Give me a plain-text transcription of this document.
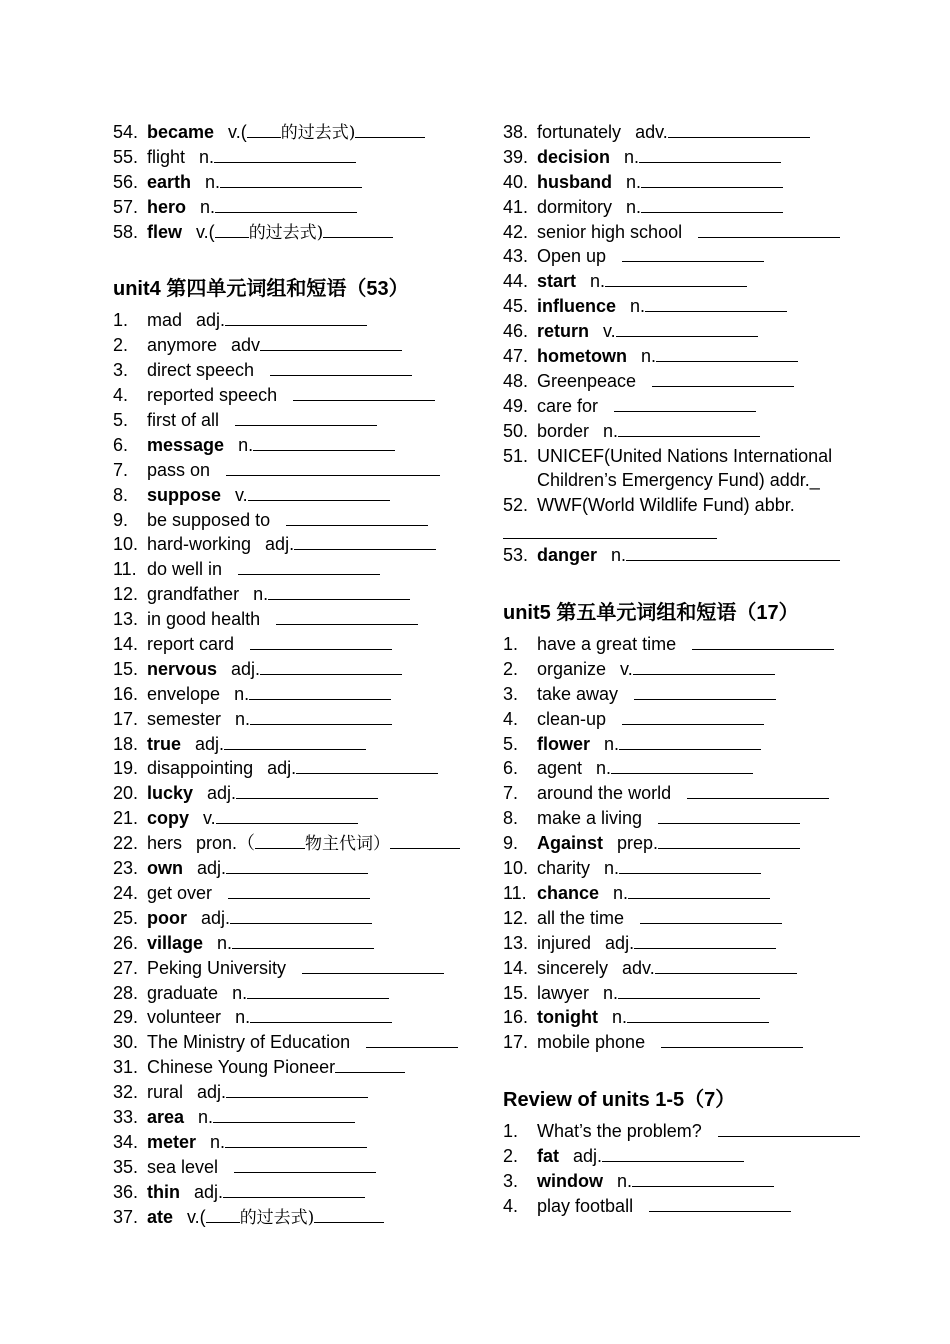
54. became v.( 的过去式)
55. flight n.
56. earth n.
57. hero n.
58. flew v.( 的过去式)
unit4 第四单元词组和短语（53）
1. mad adj.
2. anymore adv
3. direct speech
4. reported speech
5. first of all
6. message n.
7. pass on
8. suppose v.
9. be supposed to
10. hard-working adj.
11. do well in
12. grandfather n.
13. in good health
14. report card
15. nervous adj.
16. envelope n.
17. semester n.
18. true adj.
19. disappointing adj.
20. lucky adj.
21. copy v.
22. hers pron.（	物主代词）
23. own adj.
24. get over
25. poor adj.
26. village n.
27. Peking University
28. graduate n.
29. volunteer n.
30. The Ministry of Education
31. Chinese Young Pioneer
32. rural adj.
33. area n.
34. meter n.
35. sea level
36. thin adj.
37. ate v.( 的过去式)
38. fortunately adv.
39. decision n.
40. husband n.
41. dormitory n.
42. senior high school
43. Open up
44. start n.
45. influence n.
46. return v.
47. hometown n.
48. Greenpeace
49. care for
50. border n.
51. UNICEF(United Nations International
Children’s Emergency Fund) addr._
52. WWF(World Wildlife Fund) abbr.
53. danger n.
unit5 第五单元词组和短语（17）
1. have a great time
2. organize v.
3. take away
4. clean-up
5. flower n.
6. agent n.
7. around the world
8. make a living
9. Against prep.
10. charity n.
11. chance n.
12. all the time
13. injured adj.
14. sincerely adv.
15. lawyer n.
16. tonight n.
17. mobile phone
Review of units 1-5（7）
1. What’s the problem?
2. fat adj.
3. window n.
4. play football
